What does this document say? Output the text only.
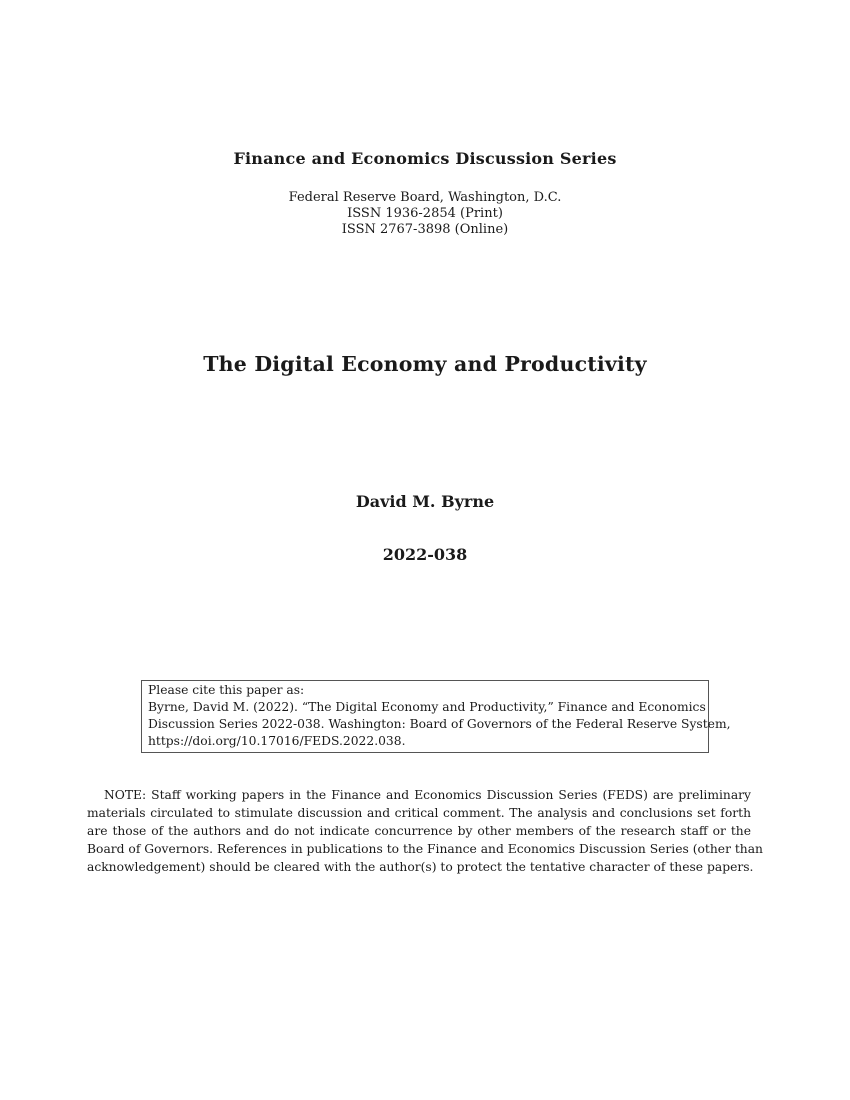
Finance and Economics Discussion Series
Federal Reserve Board, Washington, D.C.
ISSN 1936-2854 (Print)
ISSN 2767-3898 (Online)
The Digital Economy and Productivity
David M. Byrne
2022-038
Please cite this paper as:
Byrne, David M. (2022). “The Digital Economy and Productivity,” Finance and Economics
Discussion Series 2022-038. Washington: Board of Governors of the Federal Reserve System,
https://doi.org/10.17016/FEDS.2022.038.
NOTE: Staff working papers in the Finance and Economics Discussion Series (FEDS) are preliminary
materials circulated to stimulate discussion and critical comment. The analysis and conclusions set forth
are those of the authors and do not indicate concurrence by other members of the research staff or the
Board of Governors. References in publications to the Finance and Economics Discussion Series (other than
acknowledgement) should be cleared with the author(s) to protect the tentative character of these papers.
